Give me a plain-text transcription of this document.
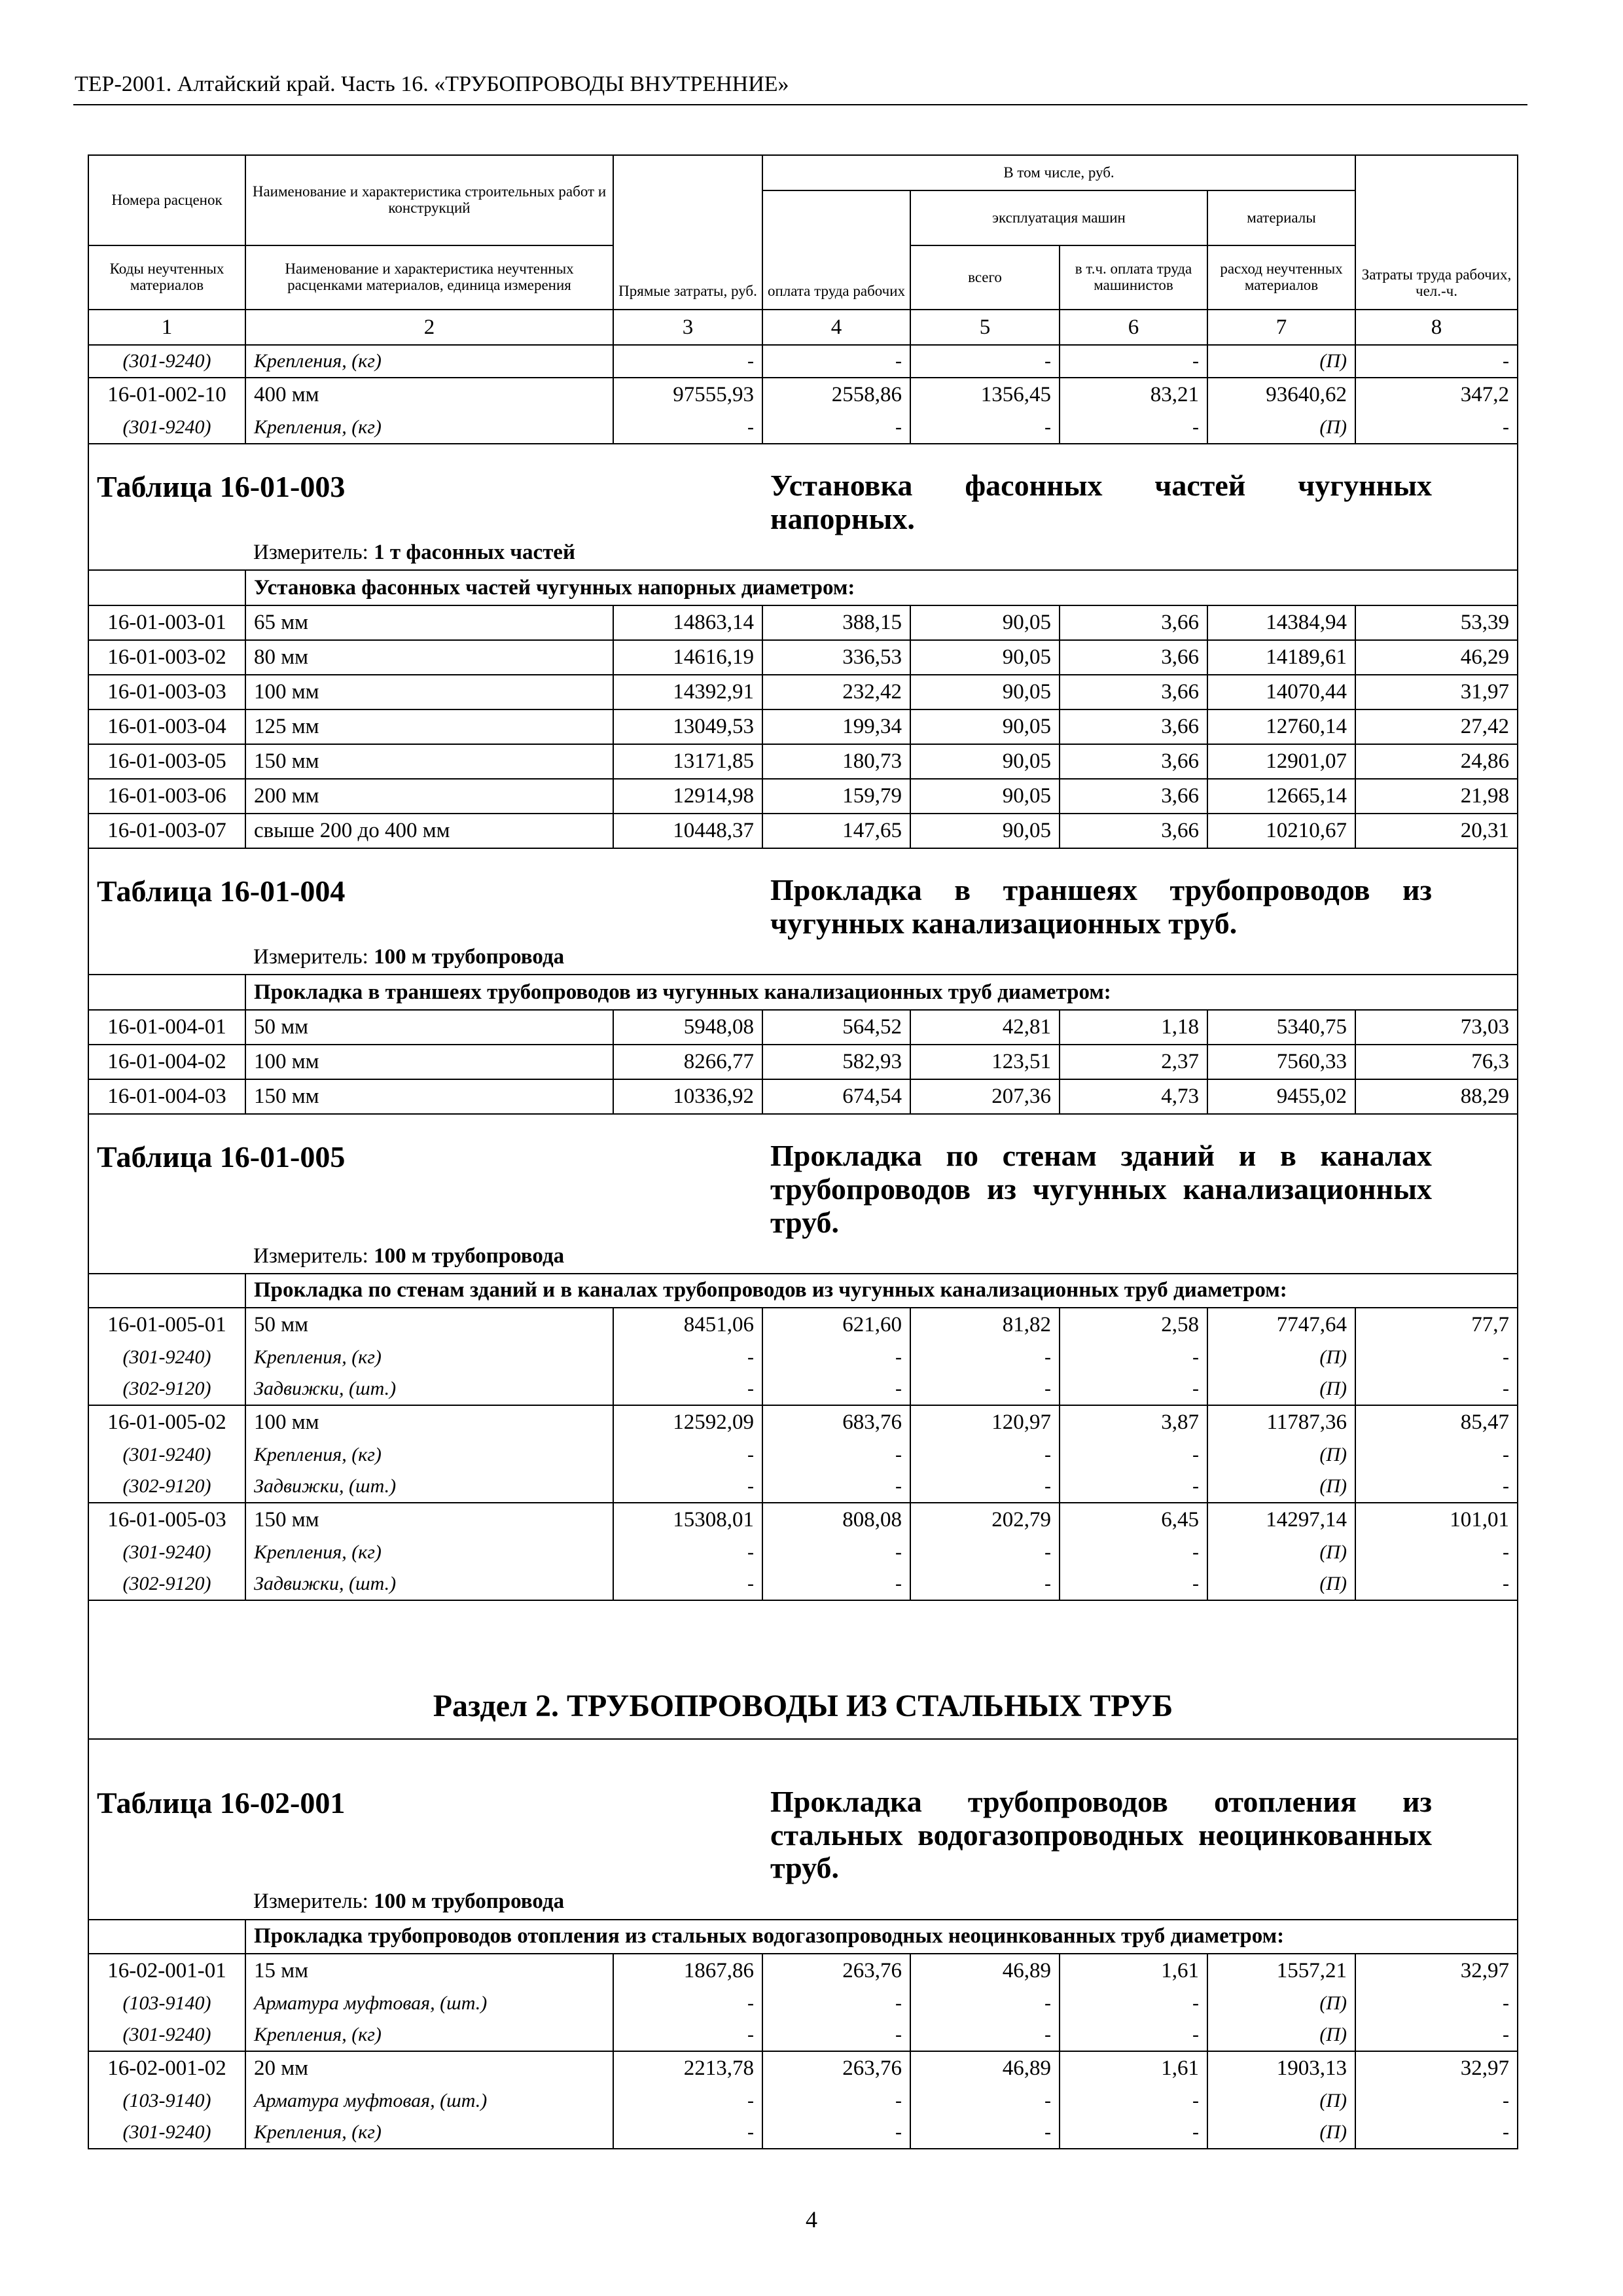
ТЕР-2001. Алтайский край. Часть 16. «ТРУБОПРОВОДЫ ВНУТРЕННИЕ»
Номера расценок	Наименование и характеристика строительных работ и конструкций	Прямые затраты, руб.	В том числе, руб.				Затраты труда рабочих, чел.-ч.
			оплата труда рабочих	эксплуатация машин		материалы	
Коды неучтенных материалов	Наименование и характеристика неучтенных расценками материалов, единица измерения			всего	в т.ч. оплата труда машинистов	расход неучтенных материалов	
1	2	3	4	5	6	7	8
(301-9240)	Крепления, (кг)	-	-	-	-	(П)	-
16-01-002-10	400 мм	97555,93	2558,86	1356,45	83,21	93640,62	347,2
(301-9240)	Крепления, (кг)	-	-	-	-	(П)	-
Таблица 16-01-003			Установка фасонных частей чугунных напорных.				
	Измеритель: 1 т фасонных частей						
	Установка фасонных частей чугунных напорных диаметром:						
16-01-003-01	65 мм	14863,14	388,15	90,05	3,66	14384,94	53,39
16-01-003-02	80 мм	14616,19	336,53	90,05	3,66	14189,61	46,29
16-01-003-03	100 мм	14392,91	232,42	90,05	3,66	14070,44	31,97
16-01-003-04	125 мм	13049,53	199,34	90,05	3,66	12760,14	27,42
16-01-003-05	150 мм	13171,85	180,73	90,05	3,66	12901,07	24,86
16-01-003-06	200 мм	12914,98	159,79	90,05	3,66	12665,14	21,98
16-01-003-07	свыше 200 до 400 мм	10448,37	147,65	90,05	3,66	10210,67	20,31
Таблица 16-01-004			Прокладка в траншеях трубопроводов из чугунных канализационных труб.				
	Измеритель: 100 м трубопровода						
	Прокладка в траншеях трубопроводов из чугунных канализационных труб диаметром:						
16-01-004-01	50 мм	5948,08	564,52	42,81	1,18	5340,75	73,03
16-01-004-02	100 мм	8266,77	582,93	123,51	2,37	7560,33	76,3
16-01-004-03	150 мм	10336,92	674,54	207,36	4,73	9455,02	88,29
Таблица 16-01-005			Прокладка по стенам зданий и в каналах трубопроводов из чугунных канализационных труб.				
	Измеритель: 100 м трубопровода						
	Прокладка по стенам зданий и в каналах трубопроводов из чугунных канализационных труб диаметром:						
16-01-005-01	50 мм	8451,06	621,60	81,82	2,58	7747,64	77,7
(301-9240)	Крепления, (кг)	-	-	-	-	(П)	-
(302-9120)	Задвижки, (шт.)	-	-	-	-	(П)	-
16-01-005-02	100 мм	12592,09	683,76	120,97	3,87	11787,36	85,47
(301-9240)	Крепления, (кг)	-	-	-	-	(П)	-
(302-9120)	Задвижки, (шт.)	-	-	-	-	(П)	-
16-01-005-03	150 мм	15308,01	808,08	202,79	6,45	14297,14	101,01
(301-9240)	Крепления, (кг)	-	-	-	-	(П)	-
(302-9120)	Задвижки, (шт.)	-	-	-	-	(П)	-
Раздел 2. ТРУБОПРОВОДЫ ИЗ СТАЛЬНЫХ ТРУБ							
Таблица 16-02-001			Прокладка трубопроводов отопления из стальных водогазопроводных неоцинкованных труб.				
	Измеритель: 100 м трубопровода						
	Прокладка трубопроводов отопления из стальных водогазопроводных неоцинкованных труб диаметром:						
16-02-001-01	15 мм	1867,86	263,76	46,89	1,61	1557,21	32,97
(103-9140)	Арматура муфтовая, (шт.)	-	-	-	-	(П)	-
(301-9240)	Крепления, (кг)	-	-	-	-	(П)	-
16-02-001-02	20 мм	2213,78	263,76	46,89	1,61	1903,13	32,97
(103-9140)	Арматура муфтовая, (шт.)	-	-	-	-	(П)	-
(301-9240)	Крепления, (кг)	-	-	-	-	(П)	-
4
